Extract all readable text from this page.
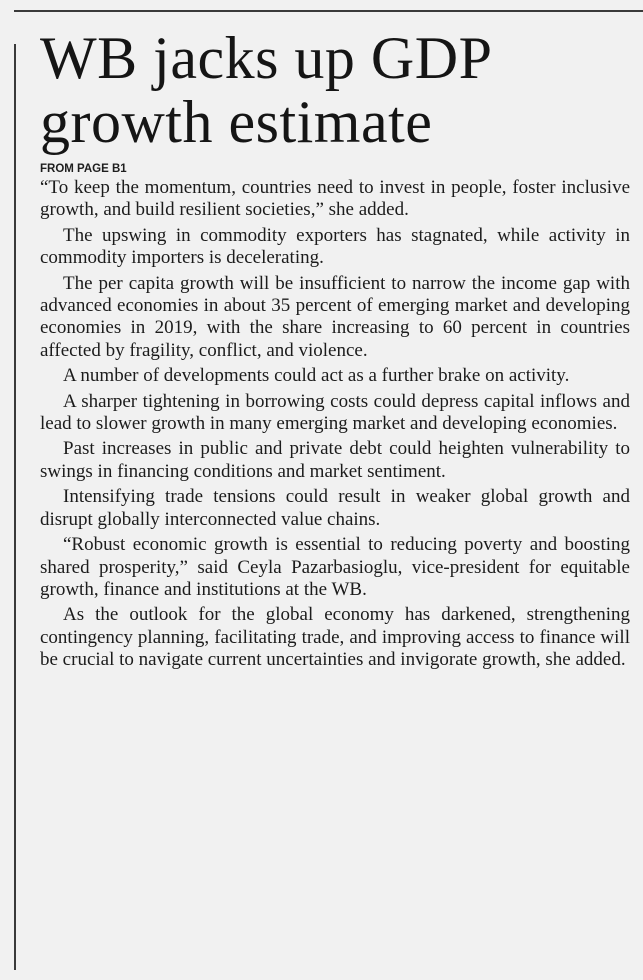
WB jacks up GDP
growth estimate
FROM PAGE B1

“To keep the momentum, countries need to invest in people, foster inclusive growth, and build resilient societies,” she added.

The upswing in commodity exporters has stagnated, while activity in commodity importers is decelerating.

The per capita growth will be insufficient to narrow the income gap with advanced economies in about 35 percent of emerging market and developing economies in 2019, with the share increasing to 60 percent in countries affected by fragility, conflict, and violence.

A number of developments could act as a further brake on activity.

A sharper tightening in borrowing costs could depress capital inflows and lead to slower growth in many emerging market and developing economies.

Past increases in public and private debt could heighten vulnerability to swings in financing conditions and market sentiment.

Intensifying trade tensions could result in weaker global growth and disrupt globally interconnected value chains.

“Robust economic growth is essential to reducing poverty and boosting shared prosperity,” said Ceyla Pazarbasioglu, vice-president for equitable growth, finance and institutions at the WB.

As the outlook for the global economy has darkened, strengthening contingency planning, facilitating trade, and improving access to finance will be crucial to navigate current uncertainties and invigorate growth, she added.
